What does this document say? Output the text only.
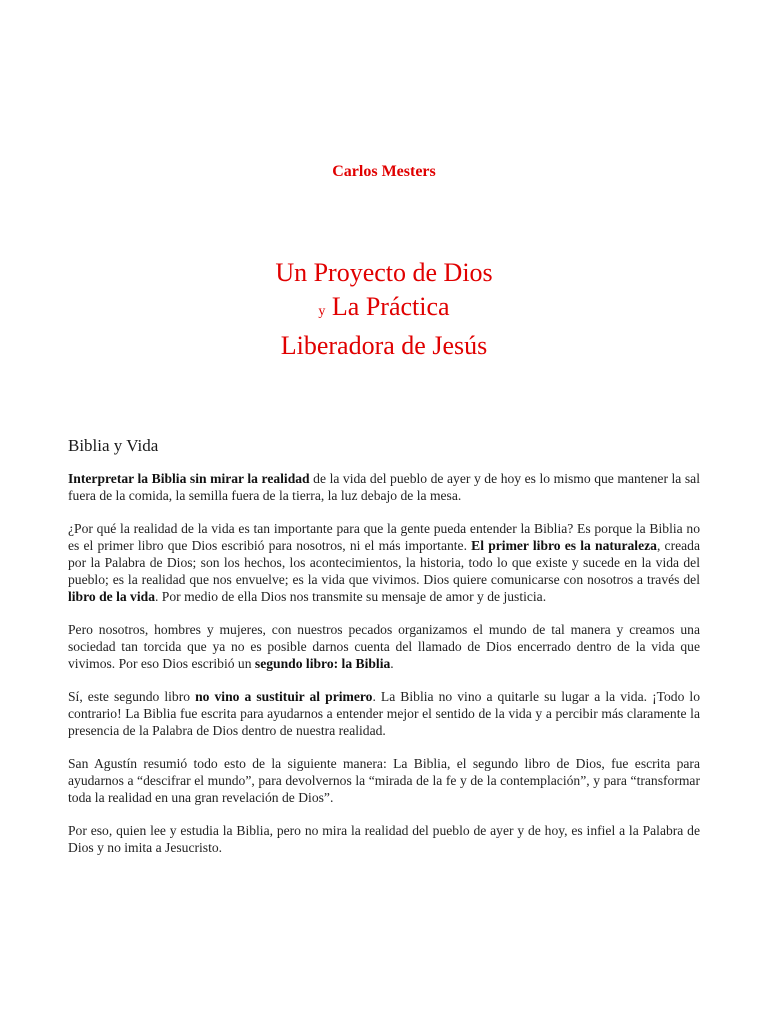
Carlos Mesters
Un Proyecto de Dios
y La Práctica
Liberadora de Jesús
Biblia y Vida

Interpretar la Biblia sin mirar la realidad de la vida del pueblo de ayer y de hoy es lo mismo que mantener la sal fuera de la comida, la semilla fuera de la tierra, la luz debajo de la mesa.

¿Por qué la realidad de la vida es tan importante para que la gente pueda entender la Biblia? Es porque la Biblia no es el primer libro que Dios escribió para nosotros, ni el más importante. El primer libro es la naturaleza, creada por la Palabra de Dios; son los hechos, los acontecimientos, la historia, todo lo que existe y sucede en la vida del pueblo; es la realidad que nos envuelve; es la vida que vivimos. Dios quiere comunicarse con nosotros a través del libro de la vida. Por medio de ella Dios nos transmite su mensaje de amor y de justicia.

Pero nosotros, hombres y mujeres, con nuestros pecados organizamos el mundo de tal manera y creamos una sociedad tan torcida que ya no es posible darnos cuenta del llamado de Dios encerrado dentro de la vida que vivimos. Por eso Dios escribió un segundo libro: la Biblia.

Sí, este segundo libro no vino a sustituir al primero. La Biblia no vino a quitarle su lugar a la vida. ¡Todo lo contrario! La Biblia fue escrita para ayudarnos a entender mejor el sentido de la vida y a percibir más claramente la presencia de la Palabra de Dios dentro de nuestra realidad.

San Agustín resumió todo esto de la siguiente manera: La Biblia, el segundo libro de Dios, fue escrita para ayudarnos a “descifrar el mundo”, para devolvernos la “mirada de la fe y de la contemplación”, y para “transformar toda la realidad en una gran revelación de Dios”.

Por eso, quien lee y estudia la Biblia, pero no mira la realidad del pueblo de ayer y de hoy, es infiel a la Palabra de Dios y no imita a Jesucristo.
